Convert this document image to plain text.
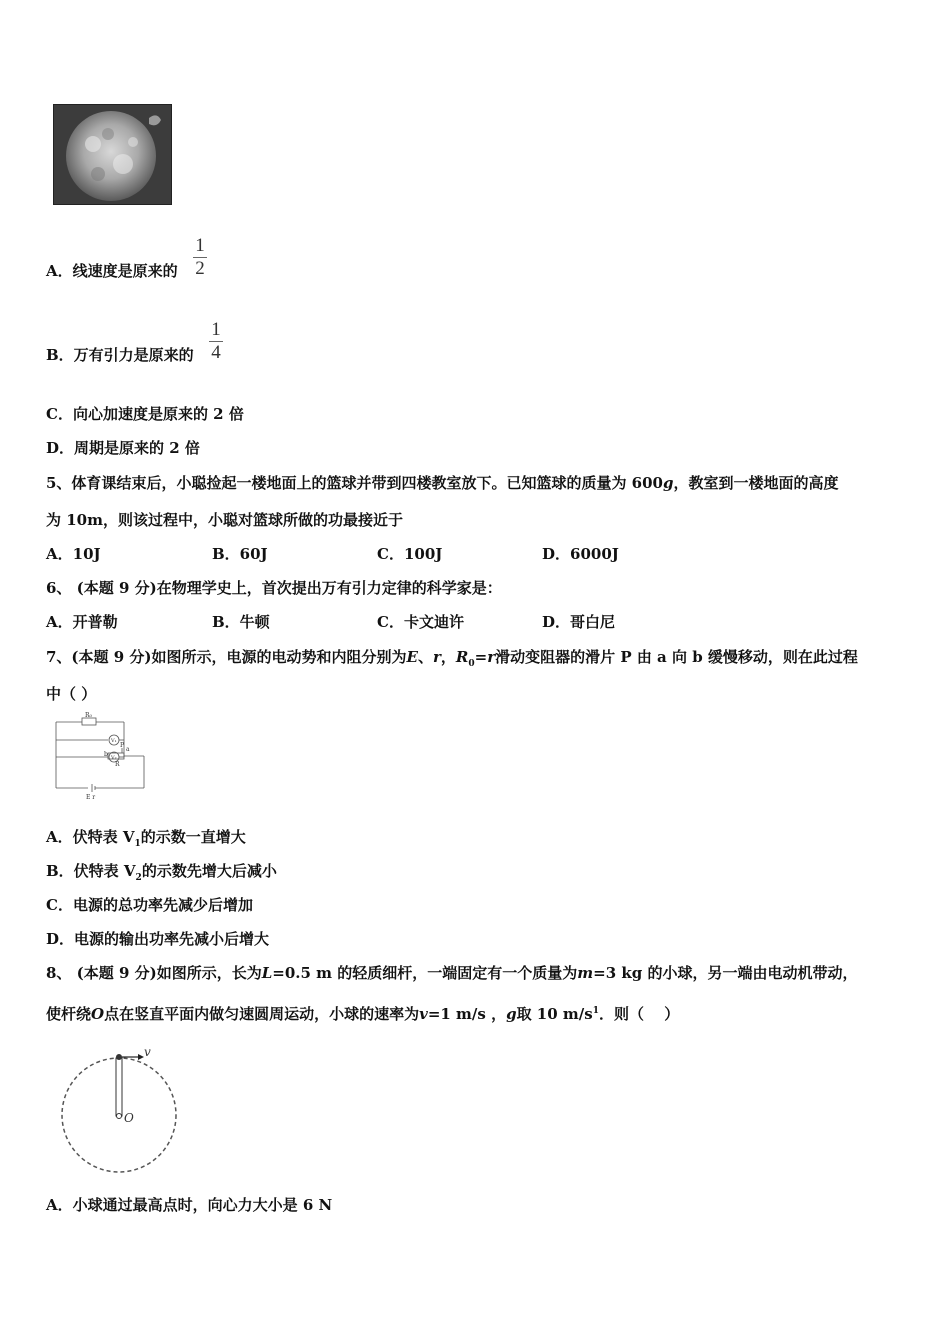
A．线速度是原来的
1
2
B．万有引力是原来的
1
4
C．向心加速度是原来的 2 倍
D．周期是原来的 2 倍
5、体育课结束后，小聪捡起一楼地面上的篮球并带到四楼教室放下。已知篮球的质量为 600g，教室到一楼地面的高度
为 10m，则该过程中，小聪对篮球所做的功最接近于
A．10J	B．60J	C．100J	D．6000J
6、 (本题 9 分)在物理学史上，首次提出万有引力定律的科学家是：
A．开普勒	B．牛顿	C．卡文迪许	D．哥白尼
7、(本题 9 分)如图所示，电源的电动势和内阻分别为E、r，$R_0=r$滑动变阻器的滑片 P 由 a 向 b 缓慢移动，则在此过程
中（ ）
R₀
V₁
V₂
a
b
P
R
E r
A．伏特表 $V_1$的示数一直增大
B．伏特表 $V_2$的示数先增大后减小
C．电源的总功率先减少后增加
D．电源的输出功率先减小后增大
8、 (本题 9 分)如图所示，长为L=0.5 m 的轻质细杆，一端固定有一个质量为m=3 kg 的小球，另一端由电动机带动，
使杆绕O点在竖直平面内做匀速圆周运动，小球的速率为v=1 m/s ，g取 10 $m/s^1$．则（　 ）
v
O
A．小球通过最高点时，向心力大小是 6 N
